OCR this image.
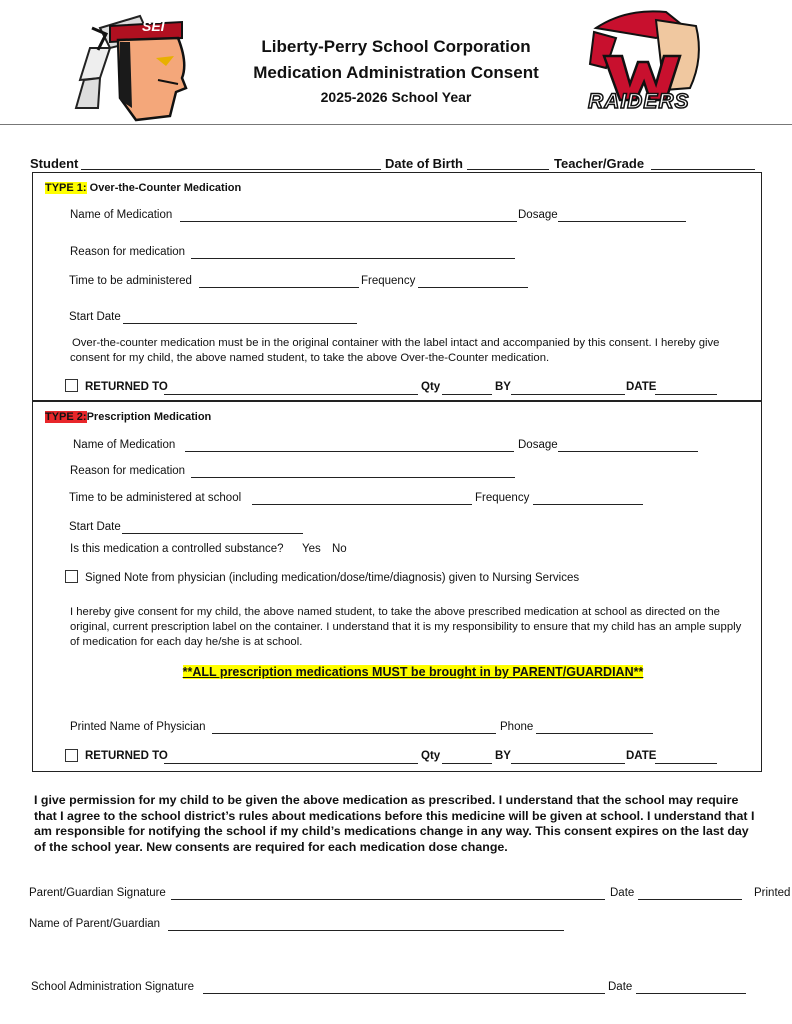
SEI
Liberty-Perry School Corporation
Medication Administration Consent
2025-2026 School Year	RAIDERS
Student	Date of Birth	Teacher/Grade
TYPE 1: Over-the-Counter Medication
Name of Medication	Dosage
Reason for medication
Time to be administered	Frequency
Start Date
Over-the-counter medication must be in the original container with the label intact and accompanied by this consent. I hereby give consent for my child, the above named student, to take the above Over-the-Counter medication.
RETURNED TO	Qty	BY	DATE
TYPE 2:Prescription Medication
Name of Medication	Dosage
Reason for medication
Time to be administered at school	Frequency
Start Date
Is this medication a controlled substance? Yes No
Signed Note from physician (including medication/dose/time/diagnosis) given to Nursing Services
I hereby give consent for my child, the above named student, to take the above prescribed medication at school as directed on the original, current prescription label on the container. I understand that it is my responsibility to ensure that my child has an ample supply of medication for each day he/she is at school.
**ALL prescription medications MUST be brought in by PARENT/GUARDIAN**
Printed Name of Physician	Phone
RETURNED TO	Qty	BY	DATE
I give permission for my child to be given the above medication as prescribed. I understand that the school may require that I agree to the school district’s rules about medications before this medicine will be given at school. I understand that I am responsible for notifying the school if my child’s medications change in any way. This consent expires on the last day of the school year. New consents are required for each medication dose change.
Parent/Guardian Signature	Date	Printed
Name of Parent/Guardian
School Administration Signature	Date
